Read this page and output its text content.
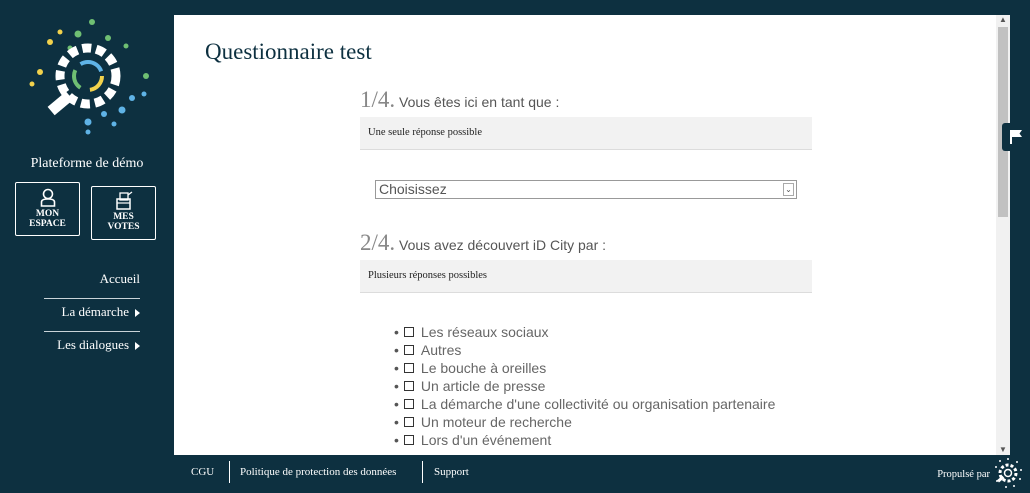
Plateforme de démo
MON
ESPACE
MES
VOTES
Accueil
La démarche
Les dialogues
Questionnaire test
1/4. Vous êtes ici en tant que :
Une seule réponse possible
Choisissez	⌄
2/4. Vous avez découvert iD City par :
Plusieurs réponses possibles
• Les réseaux sociaux
• Autres
• Le bouche à oreilles
• Un article de presse
• La démarche d'une collectivité ou organisation partenaire
• Un moteur de recherche
• Lors d'un événement
▲
▼
CGU Politique de protection des données	Support	Propulsé par
